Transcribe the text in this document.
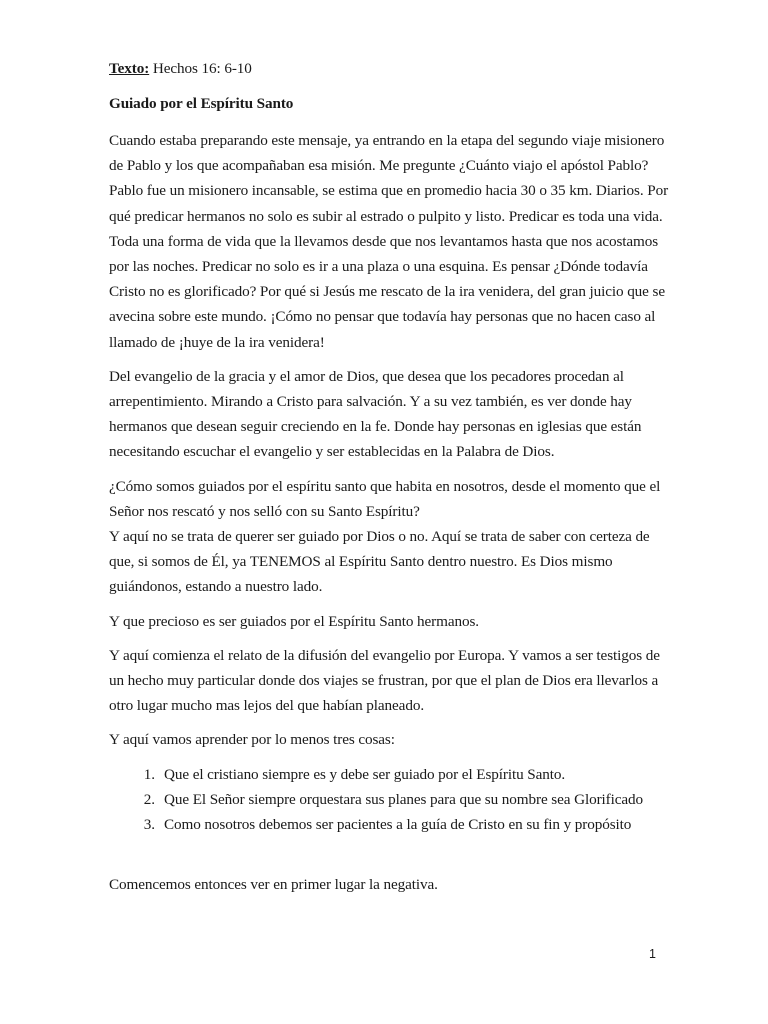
Texto: Hechos 16: 6-10

Guiado por el Espíritu Santo

Cuando estaba preparando este mensaje, ya entrando en la etapa del segundo viaje misionero de Pablo y los que acompañaban esa misión. Me pregunte ¿Cuánto viajo el apóstol Pablo? Pablo fue un misionero incansable, se estima que en promedio hacia 30 o 35 km. Diarios. Por qué predicar hermanos no solo es subir al estrado o pulpito y listo. Predicar es toda una vida. Toda una forma de vida que la llevamos desde que nos levantamos hasta que nos acostamos por las noches. Predicar no solo es ir a una plaza o una esquina. Es pensar ¿Dónde todavía Cristo no es glorificado? Por qué si Jesús me rescato de la ira venidera, del gran juicio que se avecina sobre este mundo. ¡Cómo no pensar que todavía hay personas que no hacen caso al llamado de ¡huye de la ira venidera!

Del evangelio de la gracia y el amor de Dios, que desea que los pecadores procedan al arrepentimiento. Mirando a Cristo para salvación. Y a su vez también, es ver donde hay hermanos que desean seguir creciendo en la fe. Donde hay personas en iglesias que están necesitando escuchar el evangelio y ser establecidas en la Palabra de Dios.

¿Cómo somos guiados por el espíritu santo que habita en nosotros, desde el momento que el Señor nos rescató y nos selló con su Santo Espíritu?

Y aquí no se trata de querer ser guiado por Dios o no. Aquí se trata de saber con certeza de que, si somos de Él, ya TENEMOS al Espíritu Santo dentro nuestro. Es Dios mismo guiándonos, estando a nuestro lado.

Y que precioso es ser guiados por el Espíritu Santo hermanos.

Y aquí comienza el relato de la difusión del evangelio por Europa. Y vamos a ser testigos de un hecho muy particular donde dos viajes se frustran, por que el plan de Dios era llevarlos a otro lugar mucho mas lejos del que habían planeado.

Y aquí vamos aprender por lo menos tres cosas:

1. Que el cristiano siempre es y debe ser guiado por el Espíritu Santo.
2. Que El Señor siempre orquestara sus planes para que su nombre sea Glorificado
3. Como nosotros debemos ser pacientes a la guía de Cristo en su fin y propósito

Comencemos entonces ver en primer lugar la negativa.

1
